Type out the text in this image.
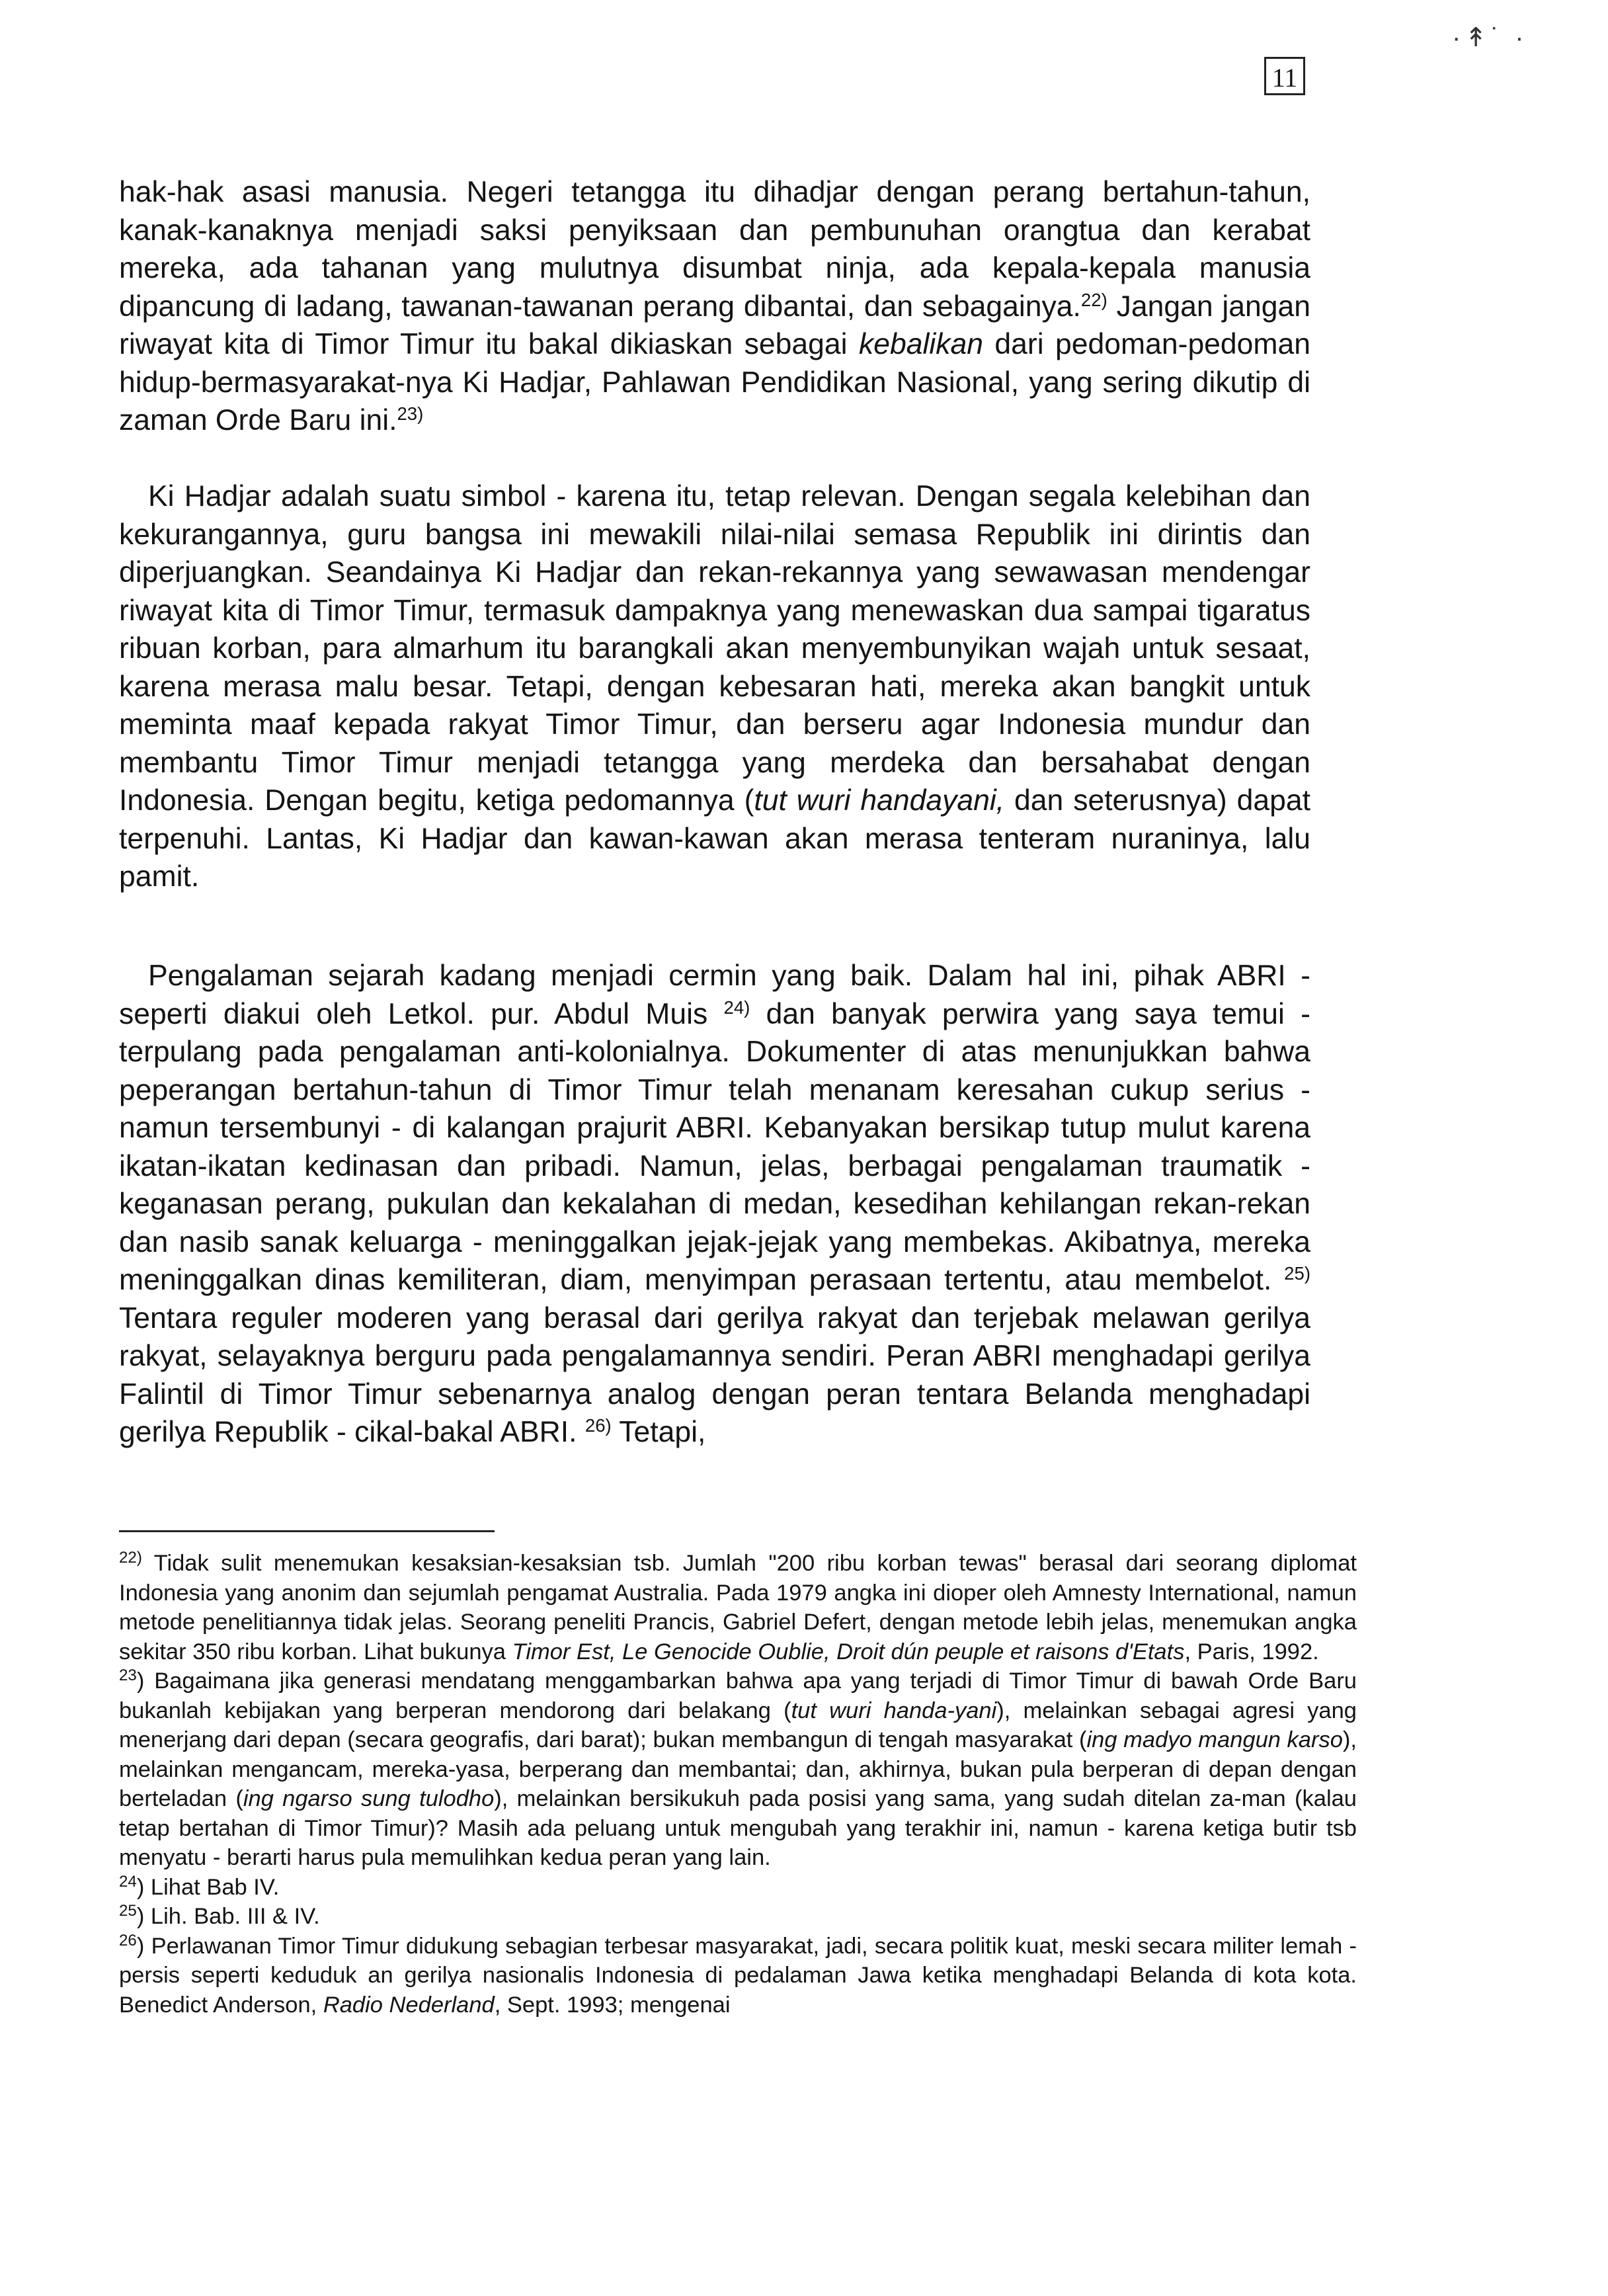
11
·↟˙ ·

hak-hak asasi manusia. Negeri tetangga itu dihadjar dengan perang bertahun-tahun, kanak-kanaknya menjadi saksi penyiksaan dan pembunuhan orangtua dan kerabat mereka, ada tahanan yang mulutnya disumbat ninja, ada kepala-kepala manusia dipancung di ladang, tawanan-tawanan perang dibantai, dan sebagainya.$^{22)}$ Jangan jangan riwayat kita di Timor Timur itu bakal dikiaskan sebagai kebalikan dari pedoman-pedoman hidup-bermasyarakat-nya Ki Hadjar, Pahlawan Pendidikan Nasional, yang sering dikutip di zaman Orde Baru ini.$^{23)}$

Ki Hadjar adalah suatu simbol - karena itu, tetap relevan. Dengan segala kelebihan dan kekurangannya, guru bangsa ini mewakili nilai-nilai semasa Republik ini dirintis dan diperjuangkan. Seandainya Ki Hadjar dan rekan-rekannya yang sewawasan mendengar riwayat kita di Timor Timur, termasuk dampaknya yang menewaskan dua sampai tigaratus ribuan korban, para almarhum itu barangkali akan menyembunyikan wajah untuk sesaat, karena merasa malu besar. Tetapi, dengan kebesaran hati, mereka akan bangkit untuk meminta maaf kepada rakyat Timor Timur, dan berseru agar Indonesia mundur dan membantu Timor Timur menjadi tetangga yang merdeka dan bersahabat dengan Indonesia. Dengan begitu, ketiga pedomannya (tut wuri handayani, dan seterusnya) dapat terpenuhi. Lantas, Ki Hadjar dan kawan-kawan akan merasa tenteram nuraninya, lalu pamit.

Pengalaman sejarah kadang menjadi cermin yang baik. Dalam hal ini, pihak ABRI - seperti diakui oleh Letkol. pur. Abdul Muis $^{24)}$ dan banyak perwira yang saya temui - terpulang pada pengalaman anti-kolonialnya. Dokumenter di atas menunjukkan bahwa peperangan bertahun-tahun di Timor Timur telah menanam keresahan cukup serius - namun tersembunyi - di kalangan prajurit ABRI. Kebanyakan bersikap tutup mulut karena ikatan-ikatan kedinasan dan pribadi. Namun, jelas, berbagai pengalaman traumatik - keganasan perang, pukulan dan kekalahan di medan, kesedihan kehilangan rekan-rekan dan nasib sanak keluarga - meninggalkan jejak-jejak yang membekas. Akibatnya, mereka meninggalkan dinas kemiliteran, diam, menyimpan perasaan tertentu, atau membelot. $^{25)}$ Tentara reguler moderen yang berasal dari gerilya rakyat dan terjebak melawan gerilya rakyat, selayaknya berguru pada pengalamannya sendiri. Peran ABRI menghadapi gerilya Falintil di Timor Timur sebenarnya analog dengan peran tentara Belanda menghadapi gerilya Republik - cikal-bakal ABRI. $^{26)}$ Tetapi,

$^{22)}$ Tidak sulit menemukan kesaksian-kesaksian tsb. Jumlah "200 ribu korban tewas" berasal dari seorang diplomat Indonesia yang anonim dan sejumlah pengamat Australia. Pada 1979 angka ini dioper oleh Amnesty International, namun metode penelitiannya tidak jelas. Seorang peneliti Prancis, Gabriel Defert, dengan metode lebih jelas, menemukan angka sekitar 350 ribu korban. Lihat bukunya Timor Est, Le Genocide Oublie, Droit dún peuple et raisons d'Etats, Paris, 1992.

$^{23}$) Bagaimana jika generasi mendatang menggambarkan bahwa apa yang terjadi di Timor Timur di bawah Orde Baru bukanlah kebijakan yang berperan mendorong dari belakang (tut wuri handa-yani), melainkan sebagai agresi yang menerjang dari depan (secara geografis, dari barat); bukan membangun di tengah masyarakat (ing madyo mangun karso), melainkan mengancam, mereka-yasa, berperang dan membantai; dan, akhirnya, bukan pula berperan di depan dengan berteladan (ing ngarso sung tulodho), melainkan bersikukuh pada posisi yang sama, yang sudah ditelan za-man (kalau tetap bertahan di Timor Timur)? Masih ada peluang untuk mengubah yang terakhir ini, namun - karena ketiga butir tsb menyatu - berarti harus pula memulihkan kedua peran yang lain.

$^{24}$) Lihat Bab IV.

$^{25}$) Lih. Bab. III & IV.

$^{26}$) Perlawanan Timor Timur didukung sebagian terbesar masyarakat, jadi, secara politik kuat, meski secara militer lemah - persis seperti keduduk an gerilya nasionalis Indonesia di pedalaman Jawa ketika menghadapi Belanda di kota kota. Benedict Anderson, Radio Nederland, Sept. 1993; mengenai
